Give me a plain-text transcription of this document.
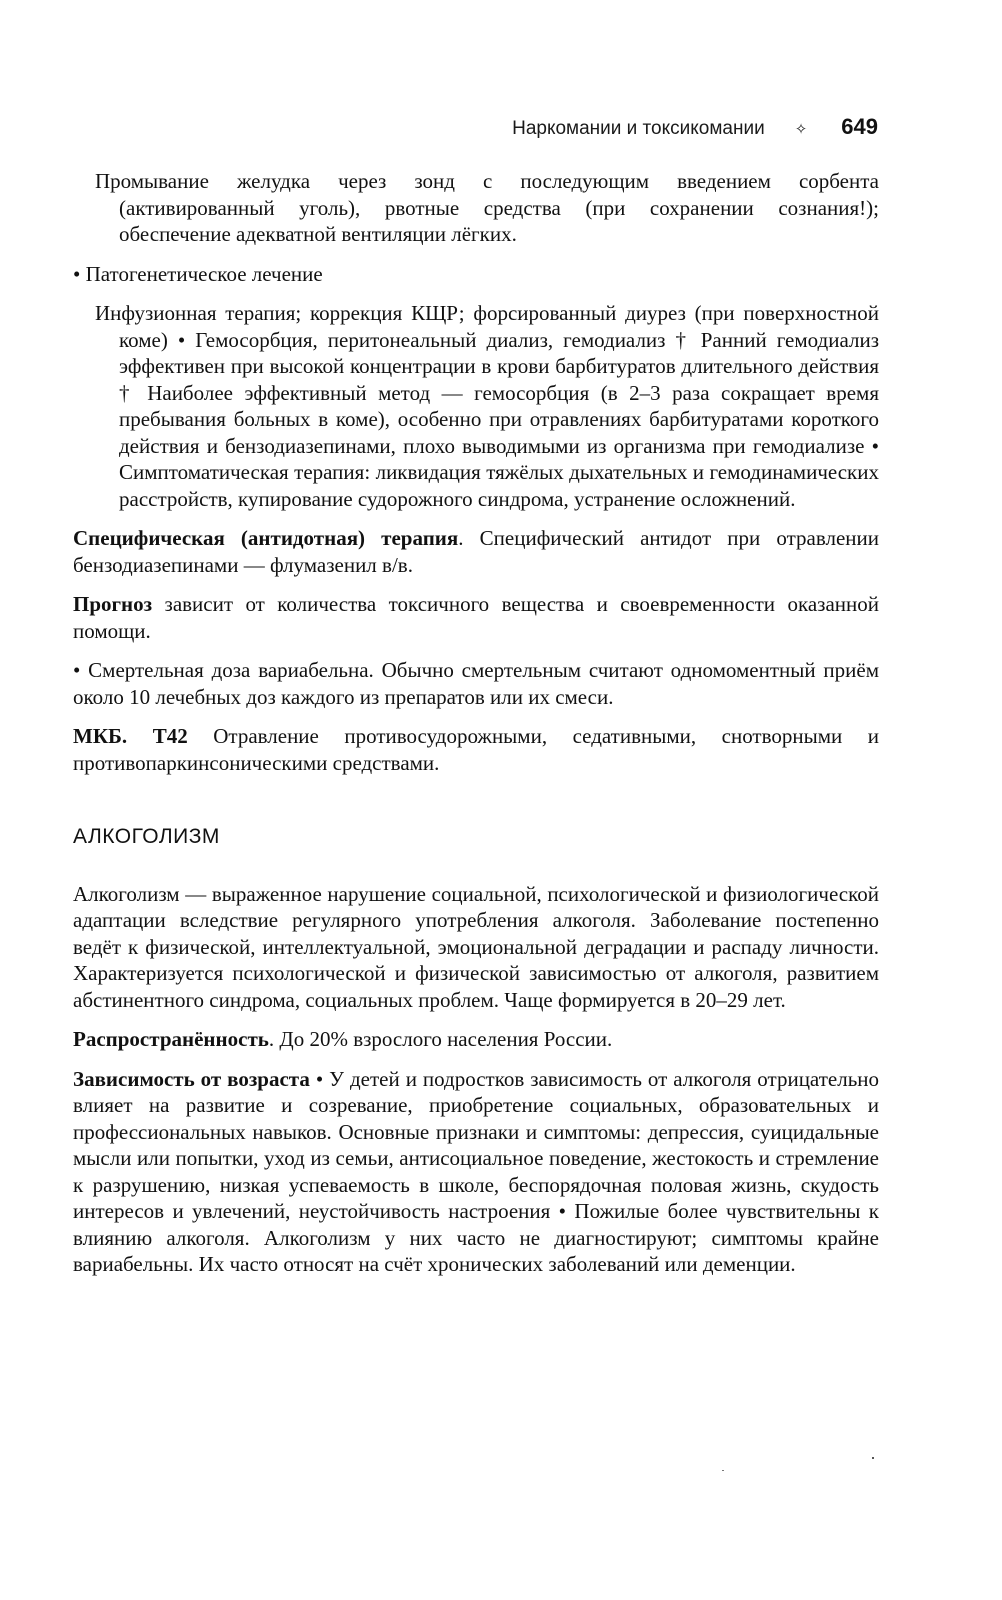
Наркомании и токсикомании ✧ 649

Промывание желудка через зонд с последующим введением сорбента (активированный уголь), рвотные средства (при сохранении сознания!); обеспечение адекватной вентиляции лёгких.

• Патогенетическое лечение

Инфузионная терапия; коррекция КЩР; форсированный диурез (при поверхностной коме) • Гемосорбция, перитонеальный диализ, гемодиализ † Ранний гемодиализ эффективен при высокой концентрации в крови барбитуратов длительного действия † Наиболее эффективный метод — гемосорбция (в 2–3 раза сокращает время пребывания больных в коме), особенно при отравлениях барбитуратами короткого действия и бензодиазепинами, плохо выводимыми из организма при гемодиализе • Симптоматическая терапия: ликвидация тяжёлых дыхательных и гемодинамических расстройств, купирование судорожного синдрома, устранение осложнений.

Специфическая (антидотная) терапия. Специфический антидот при отравлении бензодиазепинами — флумазенил в/в.

Прогноз зависит от количества токсичного вещества и своевременности оказанной помощи.

• Смертельная доза вариабельна. Обычно смертельным считают одномоментный приём около 10 лечебных доз каждого из препаратов или их смеси.

МКБ. Т42 Отравление противосудорожными, седативными, снотворными и противопаркинсоническими средствами.

АЛКОГОЛИЗМ

Алкоголизм — выраженное нарушение социальной, психологической и физиологической адаптации вследствие регулярного употребления алкоголя. Заболевание постепенно ведёт к физической, интеллектуальной, эмоциональной деградации и распаду личности. Характеризуется психологической и физической зависимостью от алкоголя, развитием абстинентного синдрома, социальных проблем. Чаще формируется в 20–29 лет.

Распространённость. До 20% взрослого населения России.

Зависимость от возраста • У детей и подростков зависимость от алкоголя отрицательно влияет на развитие и созревание, приобретение социальных, образовательных и профессиональных навыков. Основные признаки и симптомы: депрессия, суицидальные мысли или попытки, уход из семьи, антисоциальное поведение, жестокость и стремление к разрушению, низкая успеваемость в школе, беспорядочная половая жизнь, скудость интересов и увлечений, неустойчивость настроения • Пожилые более чувствительны к влиянию алкоголя. Алкоголизм у них часто не диагностируют; симптомы крайне вариабельны. Их часто относят на счёт хронических заболеваний или деменции.
